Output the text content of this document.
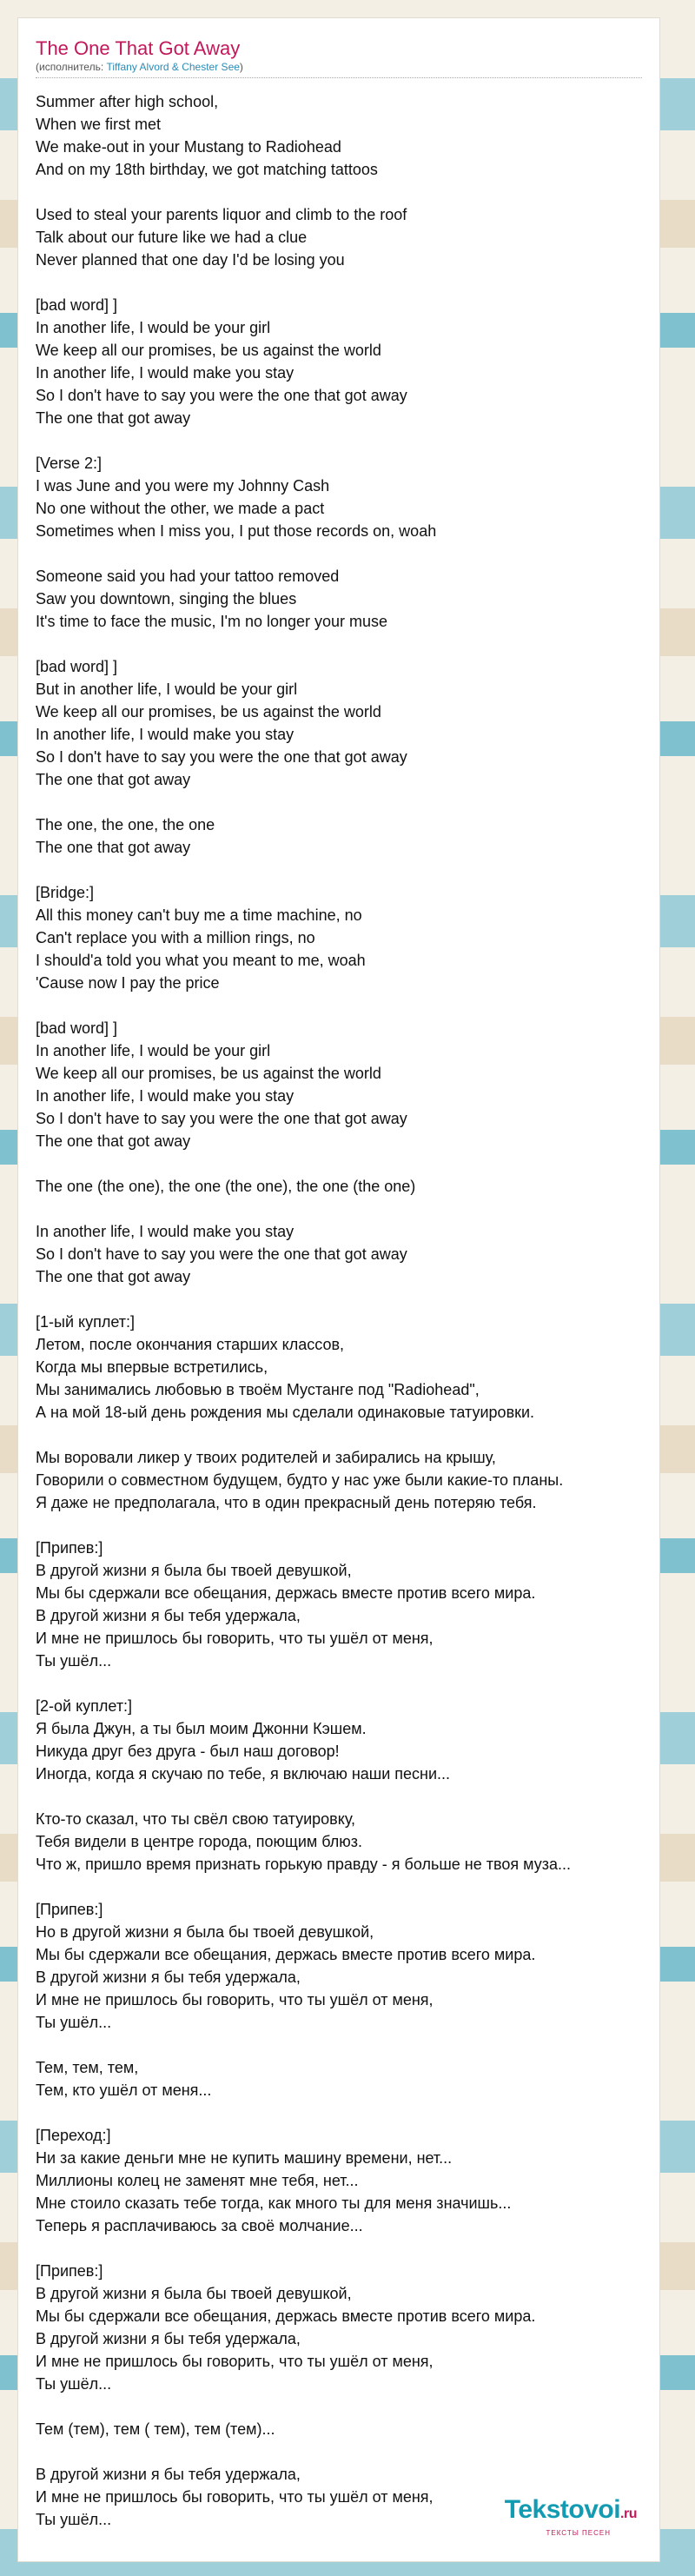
The One That Got Away
(исполнитель: Tiffany Alvord & Chester See)
Summer after high school,
When we first met
We make-out in your Mustang to Radiohead
And on my 18th birthday, we got matching tattoos
Used to steal your parents liquor and climb to the roof
Talk about our future like we had a clue
Never planned that one day I'd be losing you
[bad word] ]
In another life, I would be your girl
We keep all our promises, be us against the world
In another life, I would make you stay
So I don't have to say you were the one that got away
The one that got away
[Verse 2:]
I was June and you were my Johnny Cash
No one without the other, we made a pact
Sometimes when I miss you, I put those records on, woah
Someone said you had your tattoo removed
Saw you downtown, singing the blues
It's time to face the music, I'm no longer your muse
[bad word] ]
But in another life, I would be your girl
We keep all our promises, be us against the world
In another life, I would make you stay
So I don't have to say you were the one that got away
The one that got away
The one, the one, the one
The one that got away
[Bridge:]
All this money can't buy me a time machine, no
Can't replace you with a million rings, no
I should'a told you what you meant to me, woah
'Cause now I pay the price
[bad word] ]
In another life, I would be your girl
We keep all our promises, be us against the world
In another life, I would make you stay
So I don't have to say you were the one that got away
The one that got away
The one (the one), the one (the one), the one (the one)
In another life, I would make you stay
So I don't have to say you were the one that got away
The one that got away
[1-ый куплет:]
Летом, после окончания старших классов,
Когда мы впервые встретились,
Мы занимались любовью в твоём Мустанге под "Radiohead",
А на мой 18-ый день рождения мы сделали одинаковые татуировки.
Мы воровали ликер у твоих родителей и забирались на крышу,
Говорили о совместном будущем, будто у нас уже были какие-то планы.
Я даже не предполагала, что в один прекрасный день потеряю тебя.
[Припев:]
В другой жизни я была бы твоей девушкой,
Мы бы сдержали все обещания, держась вместе против всего мира.
В другой жизни я бы тебя удержала,
И мне не пришлось бы говорить, что ты ушёл от меня,
Ты ушёл...
[2-ой куплет:]
Я была Джун, а ты был моим Джонни Кэшем.
Никуда друг без друга - был наш договор!
Иногда, когда я скучаю по тебе, я включаю наши песни...
Кто-то сказал, что ты свёл свою татуировку,
Тебя видели в центре города, поющим блюз.
Что ж, пришло время признать горькую правду - я больше не твоя муза...
[Припев:]
Но в другой жизни я была бы твоей девушкой,
Мы бы сдержали все обещания, держась вместе против всего мира.
В другой жизни я бы тебя удержала,
И мне не пришлось бы говорить, что ты ушёл от меня,
Ты ушёл...
Тем, тем, тем,
Тем, кто ушёл от меня...
[Переход:]
Ни за какие деньги мне не купить машину времени, нет...
Миллионы колец не заменят мне тебя, нет...
Мне стоило сказать тебе тогда, как много ты для меня значишь...
Теперь я расплачиваюсь за своё молчание...
[Припев:]
В другой жизни я была бы твоей девушкой,
Мы бы сдержали все обещания, держась вместе против всего мира.
В другой жизни я бы тебя удержала,
И мне не пришлось бы говорить, что ты ушёл от меня,
Ты ушёл...
Тем (тем), тем ( тем), тем (тем)...
В другой жизни я бы тебя удержала,
И мне не пришлось бы говорить, что ты ушёл от меня,
Ты ушёл...	Tekstovoi.ru
ТЕКСТЫ ПЕСЕН
